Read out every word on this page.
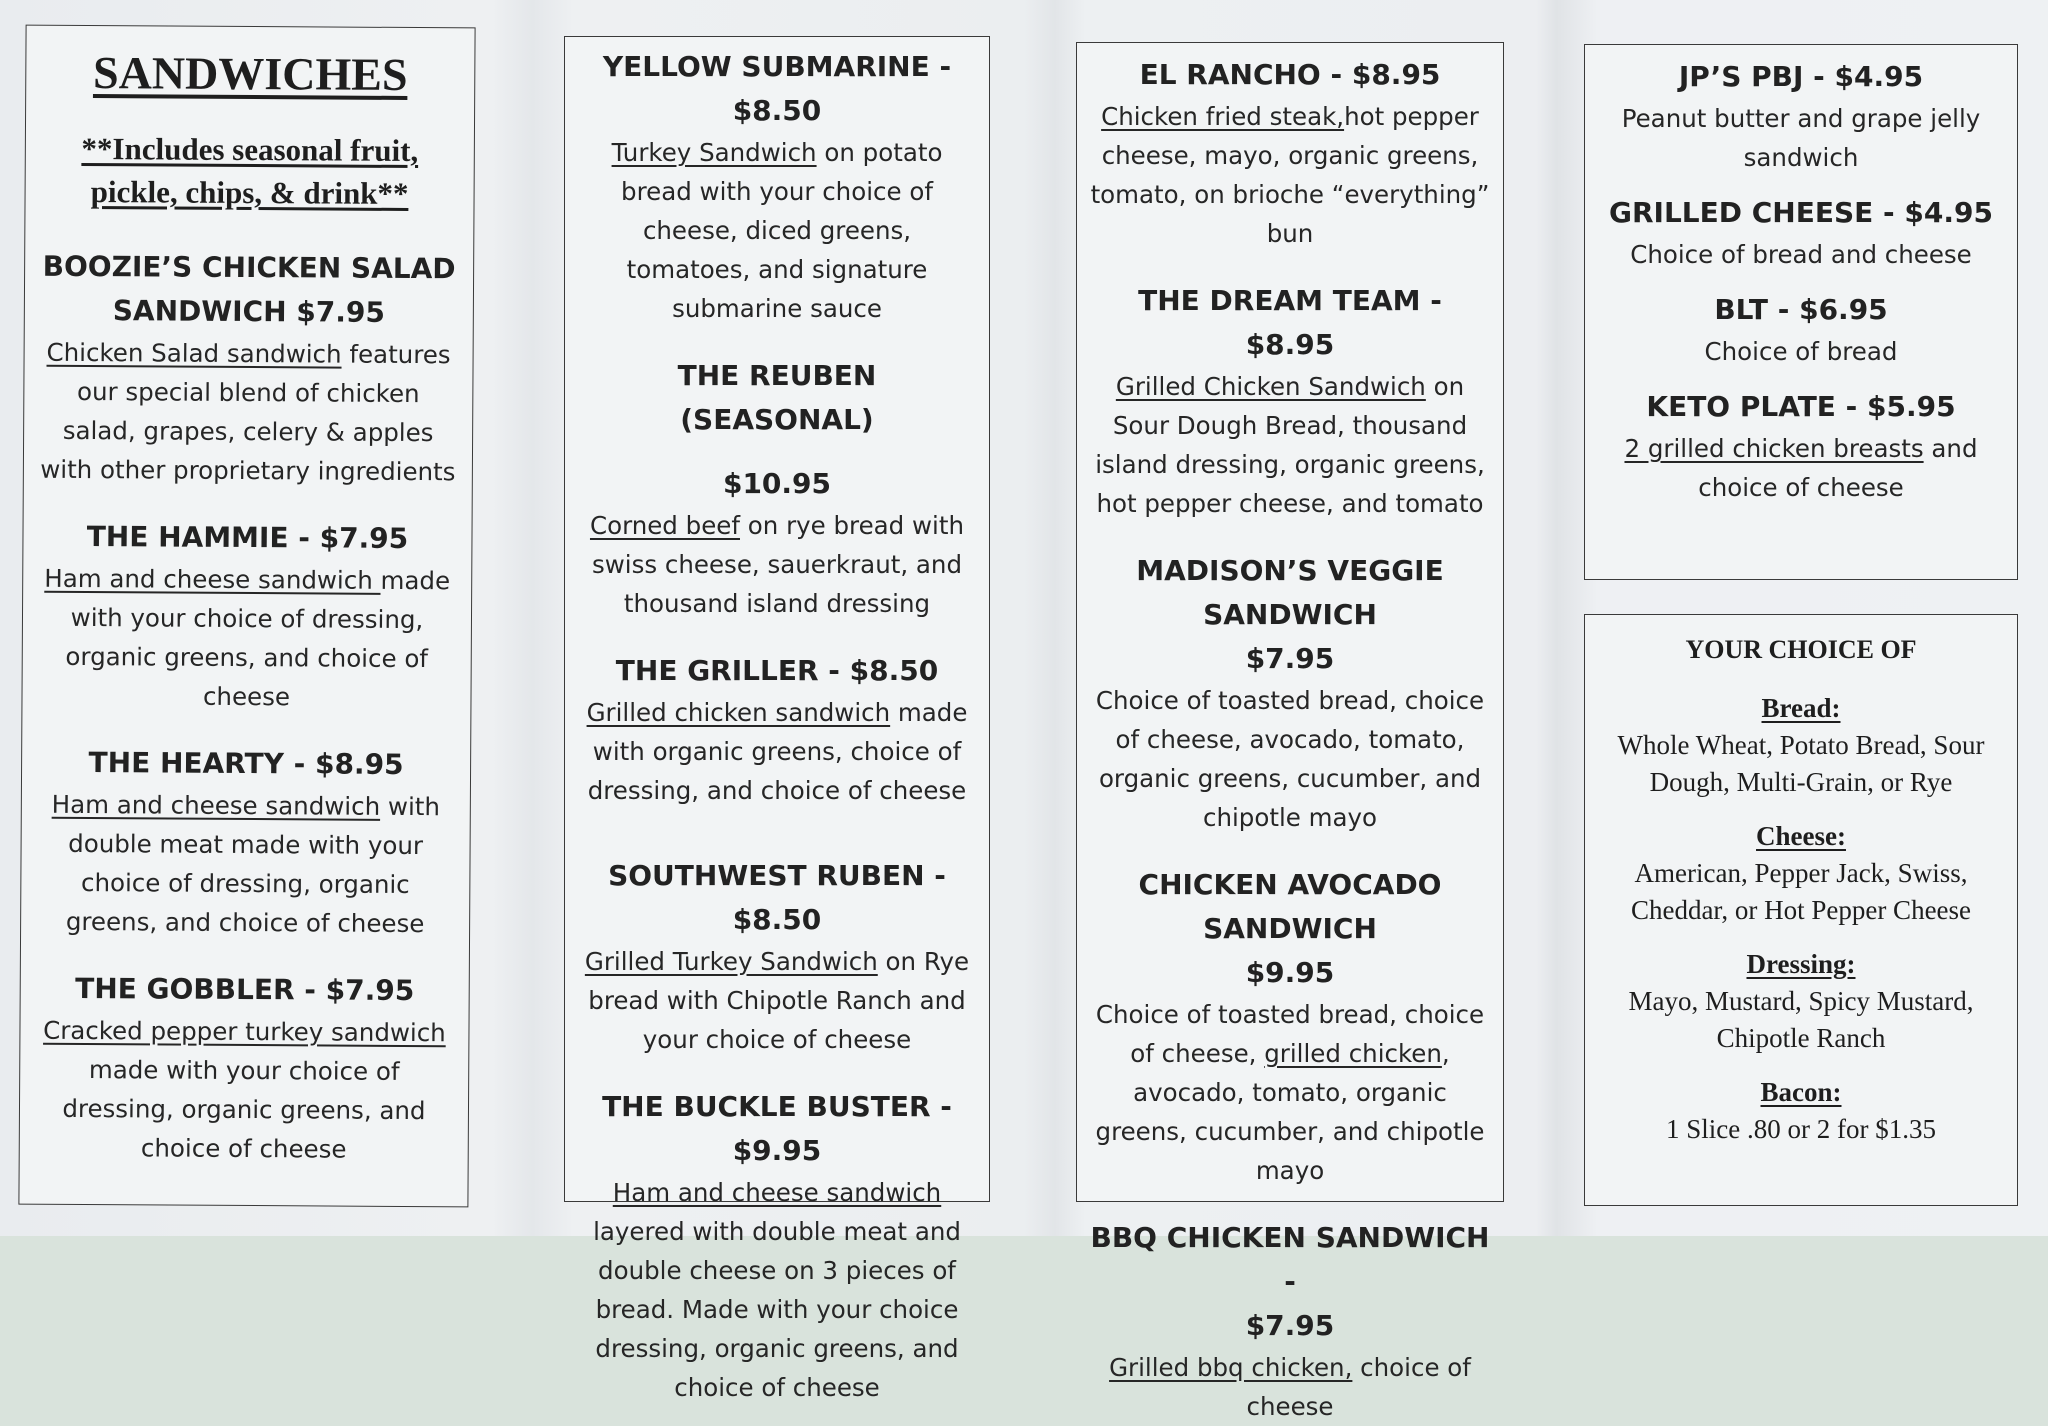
SANDWICHES
**Includes seasonal fruit,
pickle, chips, & drink**
BOOZIE’S CHICKEN SALAD
SANDWICH $7.95
Chicken Salad sandwich features our special blend of chicken salad, grapes, celery & apples with other proprietary ingredients
THE HAMMIE - $7.95
Ham and cheese sandwich made with your choice of dressing, organic greens, and choice of cheese
THE HEARTY - $8.95
Ham and cheese sandwich with double meat made with your choice of dressing, organic greens, and choice of cheese
THE GOBBLER - $7.95
Cracked pepper turkey sandwich made with your choice of dressing, organic greens, and choice of cheese
YELLOW SUBMARINE - $8.50
Turkey Sandwich on potato bread with your choice of cheese, diced greens, tomatoes, and signature submarine sauce
THE REUBEN (SEASONAL)
$10.95
Corned beef on rye bread with swiss cheese, sauerkraut, and thousand island dressing
THE GRILLER - $8.50
Grilled chicken sandwich made with organic greens, choice of dressing, and choice of cheese
SOUTHWEST RUBEN - $8.50
Grilled Turkey Sandwich on Rye bread with Chipotle Ranch and your choice of cheese
THE BUCKLE BUSTER - $9.95
Ham and cheese sandwich layered with double meat and double cheese on 3 pieces of bread. Made with your choice dressing, organic greens, and choice of cheese
EL RANCHO - $8.95
Chicken fried steak,hot pepper cheese, mayo, organic greens, tomato, on brioche “everything” bun
THE DREAM TEAM - $8.95
Grilled Chicken Sandwich on Sour Dough Bread, thousand island dressing, organic greens, hot pepper cheese, and tomato
MADISON’S VEGGIE SANDWICH
$7.95
Choice of toasted bread, choice of cheese, avocado, tomato, organic greens, cucumber, and chipotle mayo
CHICKEN AVOCADO SANDWICH
$9.95
Choice of toasted bread, choice of cheese, grilled chicken, avocado, tomato, organic greens, cucumber, and chipotle mayo
BBQ CHICKEN SANDWICH -
$7.95
Grilled bbq chicken, choice of cheese
JP’S PBJ - $4.95
Peanut butter and grape jelly sandwich
GRILLED CHEESE - $4.95
Choice of bread and cheese
BLT - $6.95
Choice of bread
KETO PLATE - $5.95
2 grilled chicken breasts and choice of cheese
YOUR CHOICE OF
Bread:
Whole Wheat, Potato Bread, Sour Dough, Multi-Grain, or Rye
Cheese:
American, Pepper Jack, Swiss, Cheddar, or Hot Pepper Cheese
Dressing:
Mayo, Mustard, Spicy Mustard, Chipotle Ranch
Bacon:
1 Slice .80 or 2 for $1.35
